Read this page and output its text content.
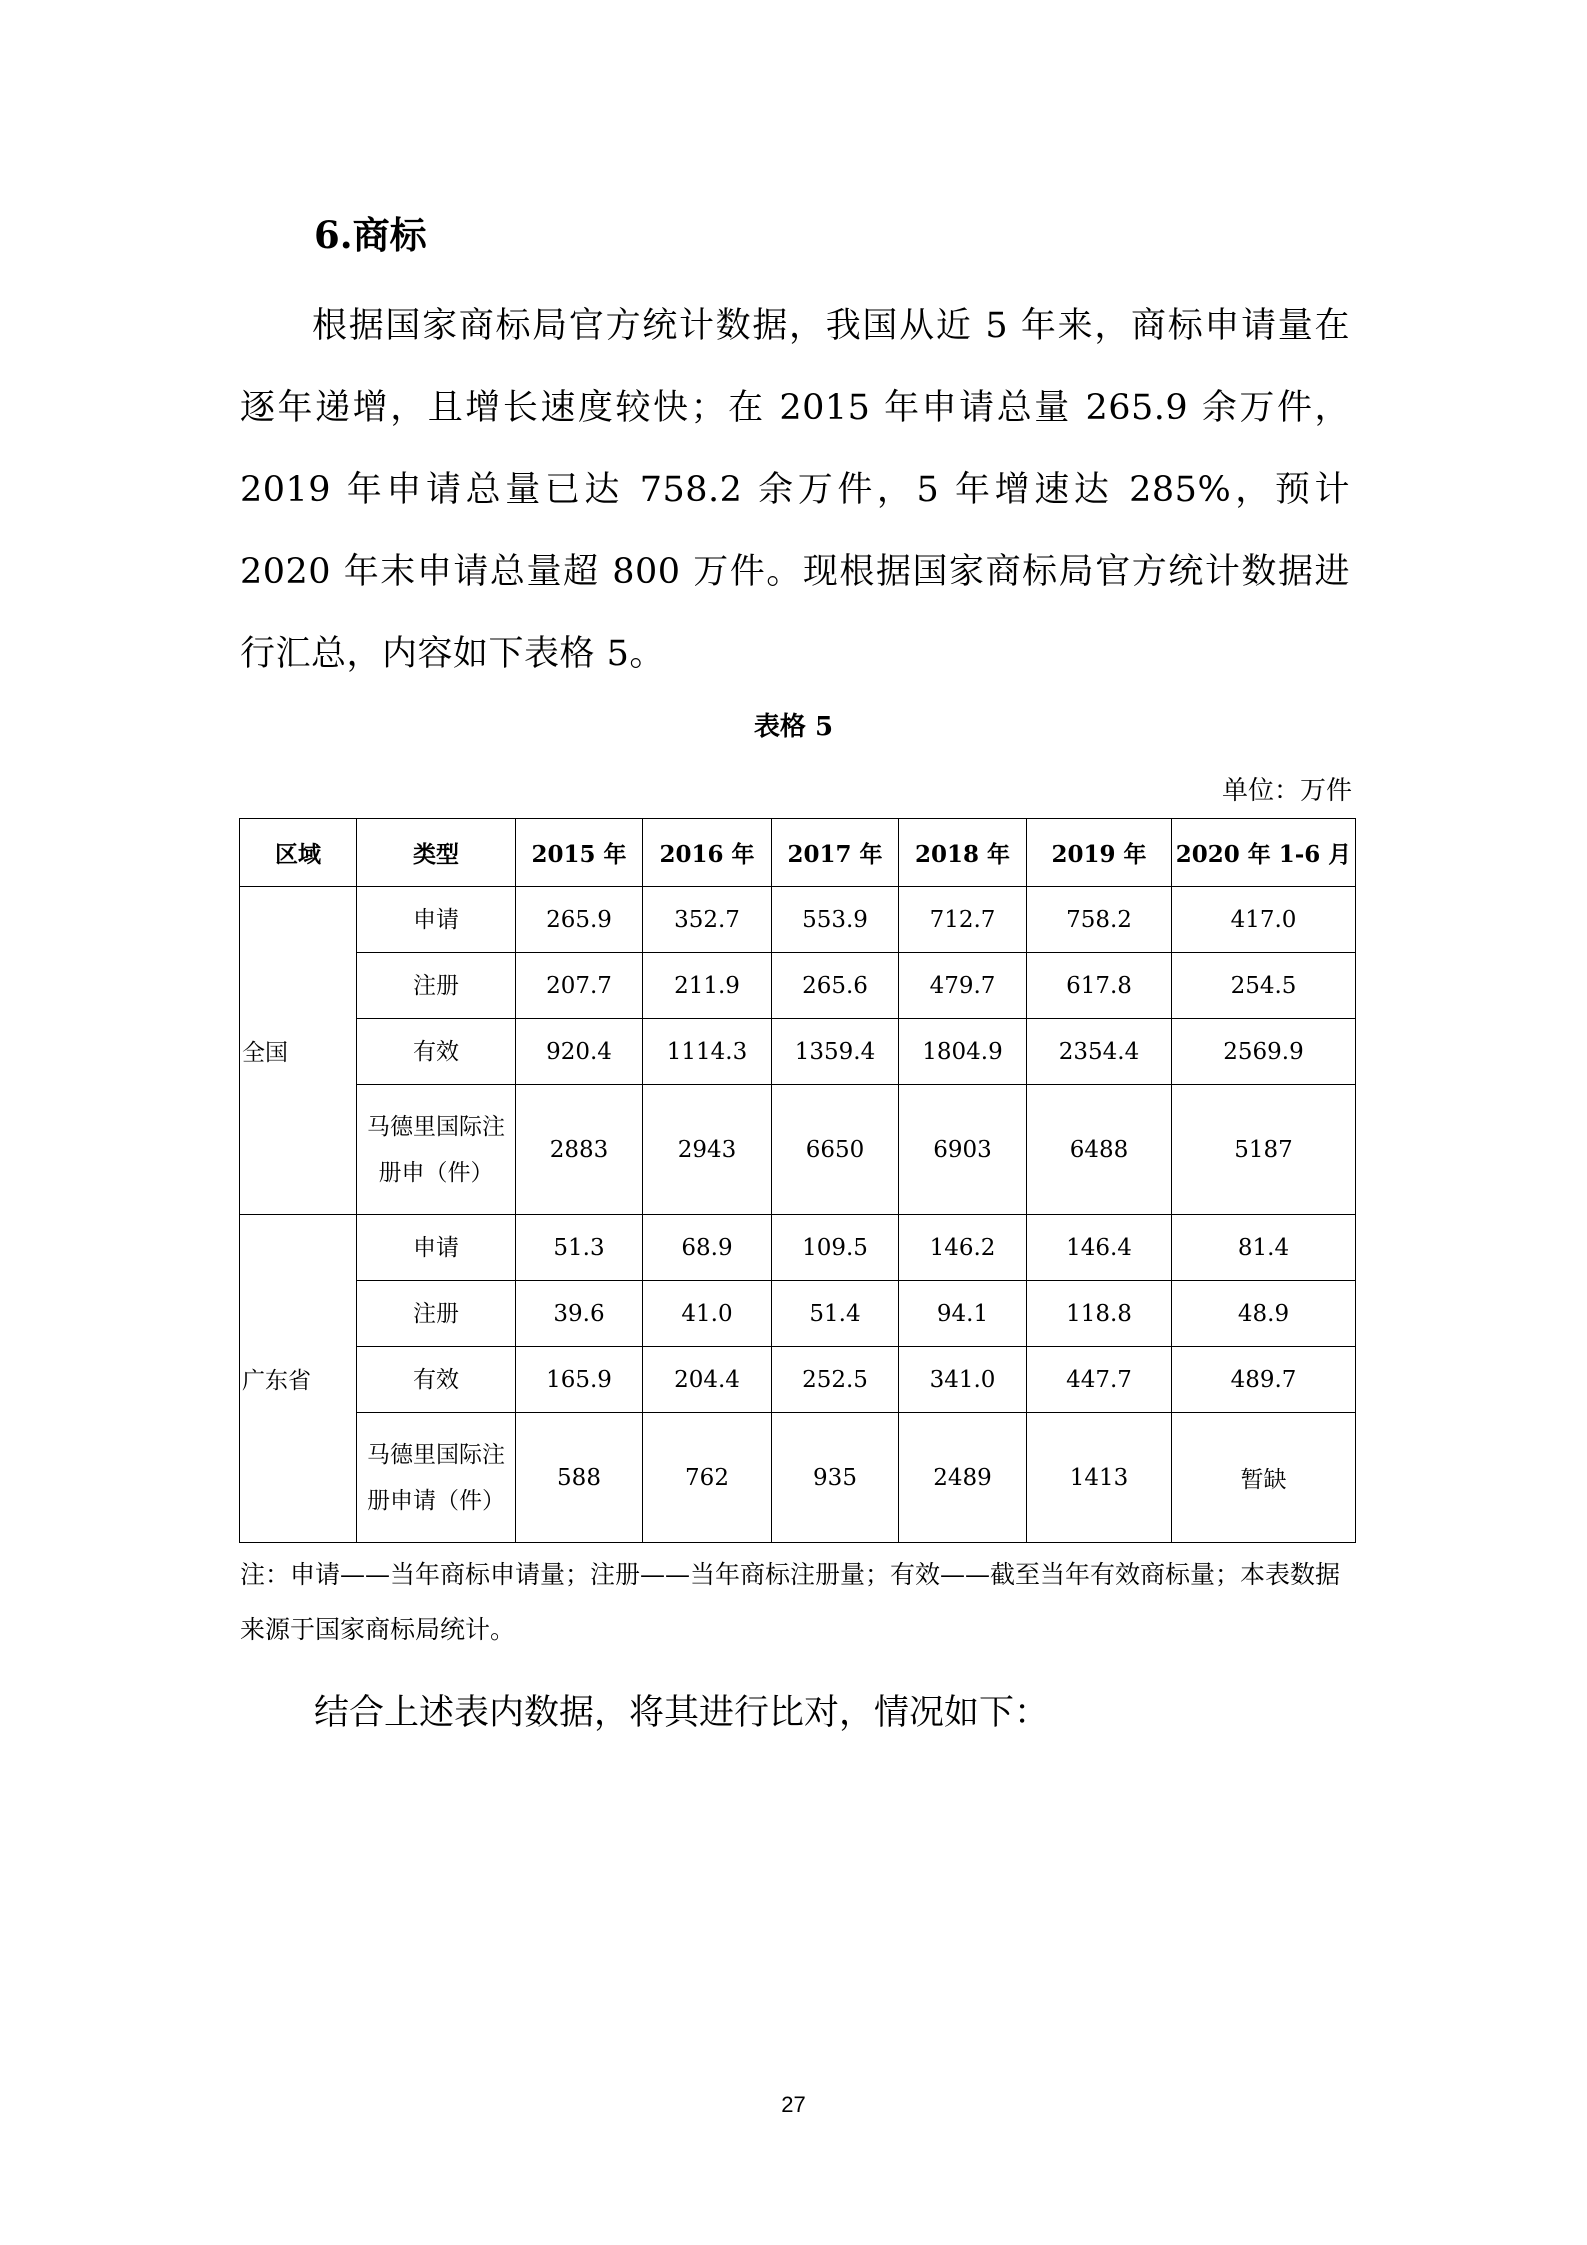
6.商标

根据国家商标局官方统计数据，我国从近 5 年来，商标申请量在逐年递增，且增长速度较快；在 2015 年申请总量 265.9 余万件，2019 年申请总量已达 758.2 余万件，5 年增速达 285%，预计 2020 年末申请总量超 800 万件。现根据国家商标局官方统计数据进行汇总，内容如下表格 5。

表格 5
单位：万件
区域	类型	2015 年	2016 年	2017 年	2018 年	2019 年	2020 年 1-6 月
全国	申请	265.9	352.7	553.9	712.7	758.2	417.0
	注册	207.7	211.9	265.6	479.7	617.8	254.5
	有效	920.4	1114.3	1359.4	1804.9	2354.4	2569.9
	马德里国际注册申（件）	2883	2943	6650	6903	6488	5187
广东省	申请	51.3	68.9	109.5	146.2	146.4	81.4
	注册	39.6	41.0	51.4	94.1	118.8	48.9
	有效	165.9	204.4	252.5	341.0	447.7	489.7
	马德里国际注册申请（件）	588	762	935	2489	1413	暂缺

注：申请——当年商标申请量；注册——当年商标注册量；有效——截至当年有效商标量；本表数据来源于国家商标局统计。

结合上述表内数据，将其进行比对，情况如下：

27
